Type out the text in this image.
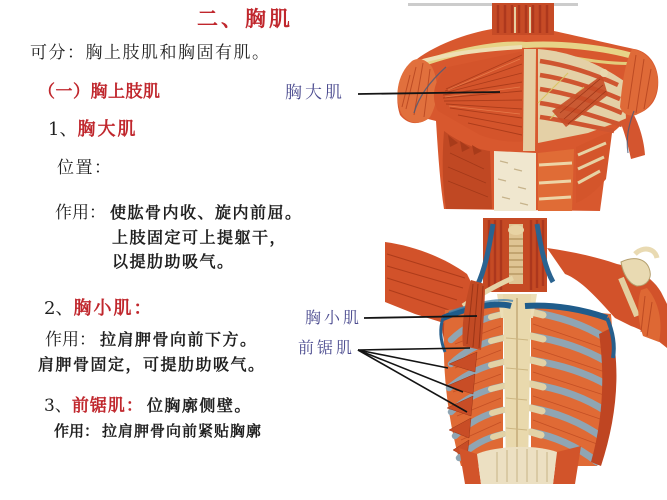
二、胸肌
可分：胸上肢肌和胸固有肌。
（一）胸上肢肌
1、胸大肌
位置：
作用： 使肱骨内收、旋内前屈。
上肢固定可上提躯干，
以提肋助吸气。
2、胸小肌：
作用： 拉肩胛骨向前下方。
肩胛骨固定，可提肋助吸气。
3、前锯肌： 位胸廓侧壁。
作用： 拉肩胛骨向前紧贴胸廓
胸大肌
胸小肌
前锯肌
